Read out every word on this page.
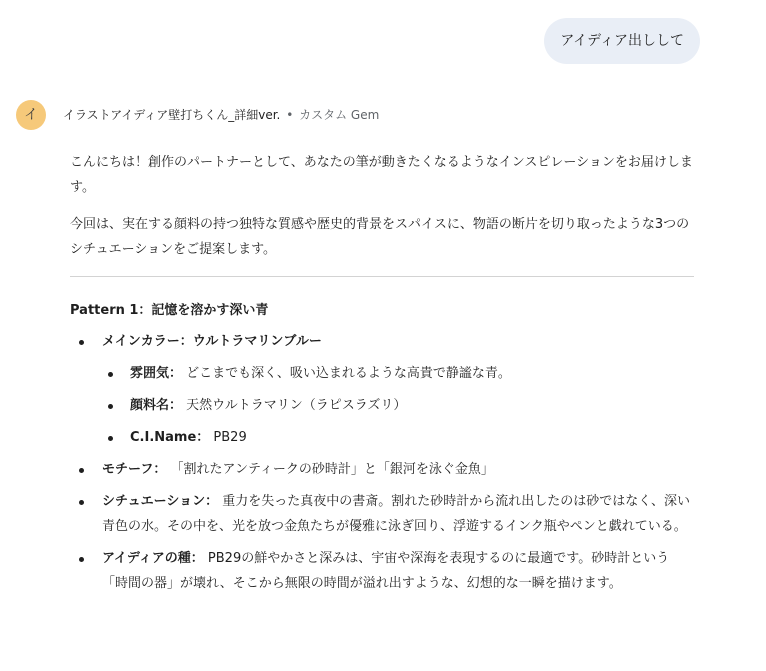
アイディア出しして
イ	イラストアイディア壁打ちくん_詳細ver. • カスタム Gem

こんにちは！創作のパートナーとして、あなたの筆が動きたくなるようなインスピレーションをお届けします。

今回は、実在する顔料の持つ独特な質感や歴史的背景をスパイスに、物語の断片を切り取ったような3つのシチュエーションをご提案します。

Pattern 1：記憶を溶かす深い青
メインカラー：ウルトラマリンブルー
雰囲気： どこまでも深く、吸い込まれるような高貴で静謐な青。
顔料名： 天然ウルトラマリン（ラピスラズリ）
C.I.Name： PB29
モチーフ： 「割れたアンティークの砂時計」と「銀河を泳ぐ金魚」
シチュエーション： 重力を失った真夜中の書斎。割れた砂時計から流れ出したのは砂ではなく、深い青色の水。その中を、光を放つ金魚たちが優雅に泳ぎ回り、浮遊するインク瓶やペンと戯れている。
アイディアの種： PB29の鮮やかさと深みは、宇宙や深海を表現するのに最適です。砂時計という「時間の器」が壊れ、そこから無限の時間が溢れ出すような、幻想的な一瞬を描けます。
